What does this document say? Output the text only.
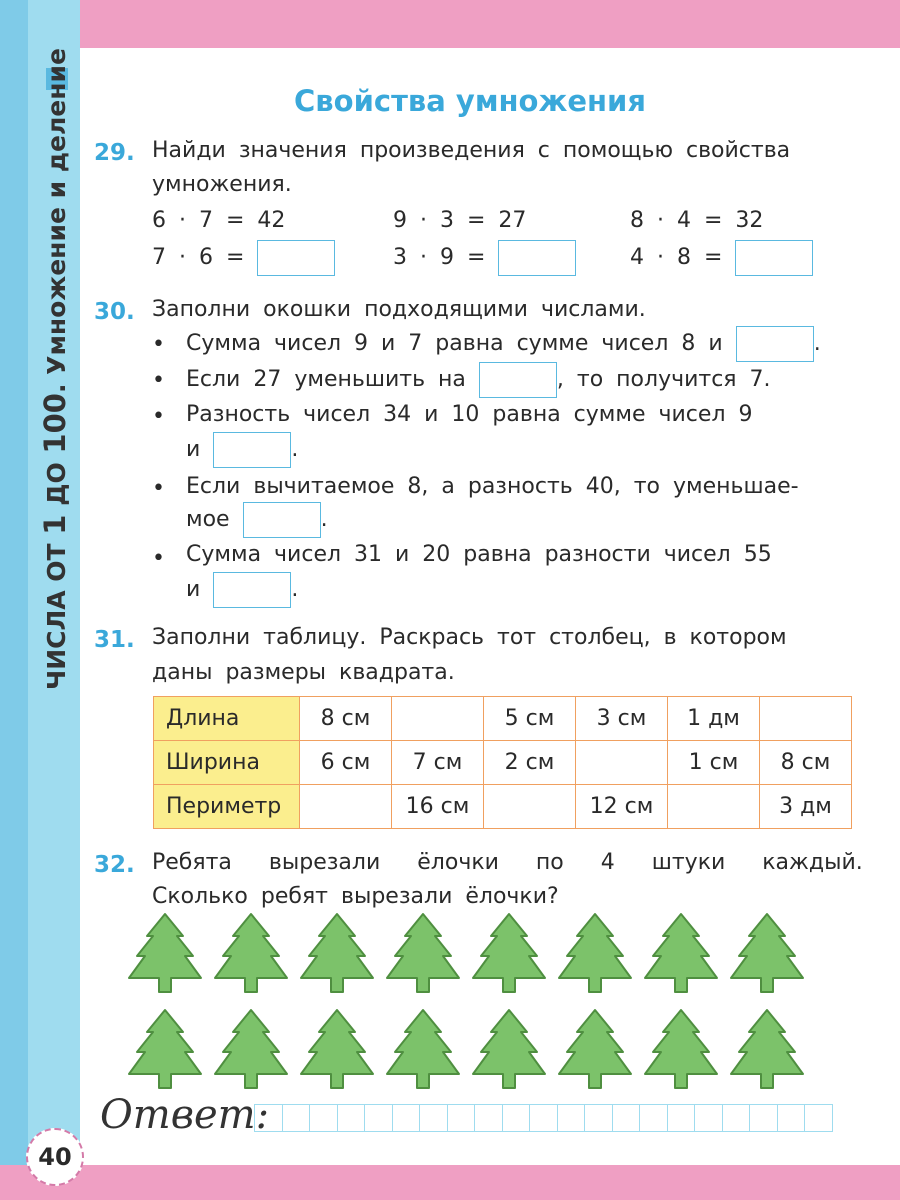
ЧИСЛА ОТ 1 ДО 100. Умножение и деление
40
Свойства умножения
29. Найди значения произведения с помощью свойства
умножения.
6 · 7 = 42	9 · 3 = 27	8 · 4 = 32
7 · 6 =	3 · 9 =	4 · 8 =
30. Заполни окошки подходящими числами.
• Сумма чисел 9 и 7 равна сумме чисел 8 и	.
• Если 27 уменьшить на	, то получится 7.
• Разность чисел 34 и 10 равна сумме чисел 9
и	.
• Если вычитаемое 8, а разность 40, то уменьшае-
мое	.
• Сумма чисел 31 и 20 равна разности чисел 55
и	.
31. Заполни таблицу. Раскрась тот столбец, в котором
даны размеры квадрата.
Длина	8 см		5 см	3 см	1 дм	
Ширина	6 см	7 см	2 см		1 см	8 см
Периметр		16 см		12 см		3 дм
32. Ребята вырезали ёлочки по 4 штуки каждый.
Сколько ребят вырезали ёлочки?
Ответ:
